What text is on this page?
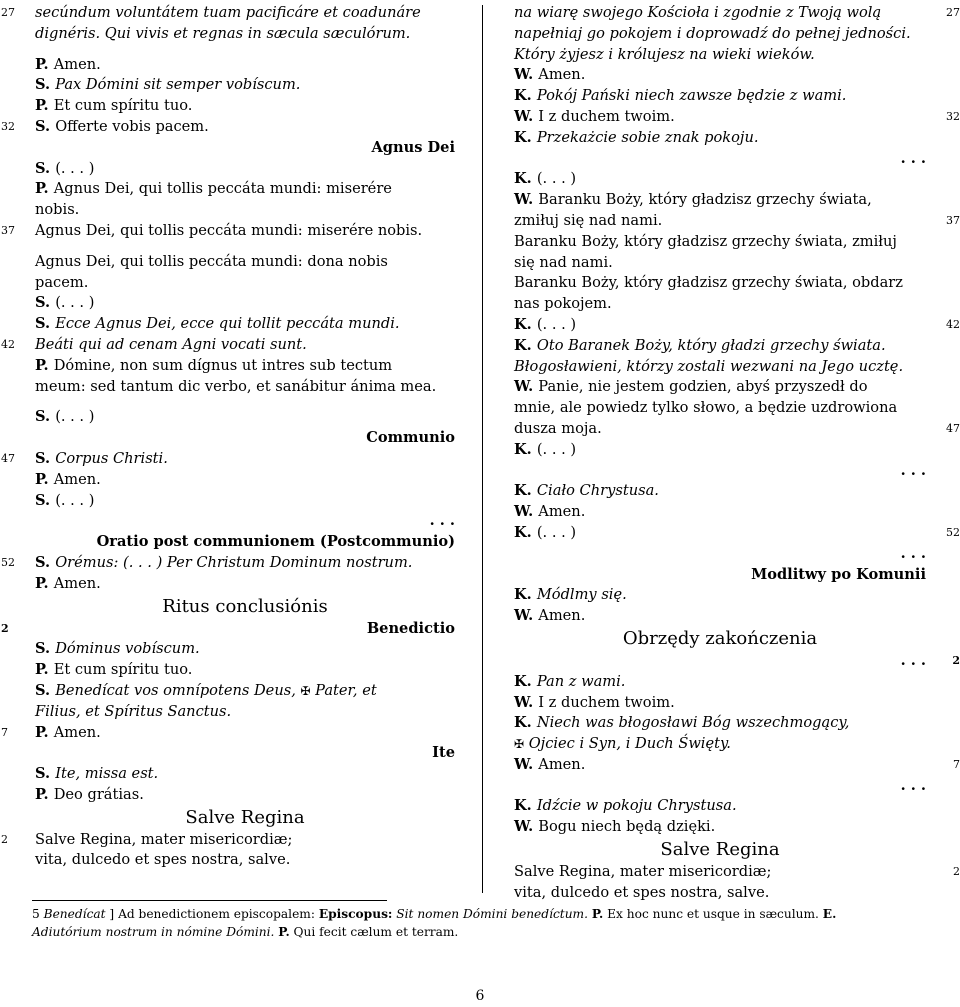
27	secúndum voluntátem tuam pacificáre et coadunáre
dignéris. Qui vivis et regnas in sæcula sæculórum.
P. Amen.
S. Pax Dómini sit semper vobíscum.
P. Et cum spíritu tuo.
32	S. Offerte vobis pacem.
Agnus Dei
S. (. . . )
P. Agnus Dei, qui tollis peccáta mundi: miserére
nobis.
37	Agnus Dei, qui tollis peccáta mundi: miserére nobis.
Agnus Dei, qui tollis peccáta mundi: dona nobis
pacem.
S. (. . . )
S. Ecce Agnus Dei, ecce qui tollit peccáta mundi.
42	Beáti qui ad cenam Agni vocati sunt.
P. Dómine, non sum dígnus ut intres sub tectum
meum: sed tantum dic verbo, et sanábitur ánima mea.
S. (. . . )
Communio
47	S. Corpus Christi.
P. Amen.
S. (. . . )
. . .
Oratio post communionem (Postcommunio)
52	S. Orémus: (. . . ) Per Christum Dominum nostrum.
P. Amen.
Ritus conclusiónis
2	Benedictio
S. Dóminus vobíscum.
P. Et cum spíritu tuo.
S. Benedícat vos omnípotens Deus, ✠ Pater, et
Filius, et Spíritus Sanctus.
7	P. Amen.
Ite
S. Ite, missa est.
P. Deo grátias.
Salve Regina
2	Salve Regina, mater misericordiæ;
vita, dulcedo et spes nostra, salve.
27
na wiarę swojego Kościoła i zgodnie z Twoją wolą
napełniaj go pokojem i doprowadź do pełnej jedności.
Który żyjesz i królujesz na wieki wieków.
W. Amen.
K. Pokój Pański niech zawsze będzie z wami.
32
W. I z duchem twoim.
K. Przekażcie sobie znak pokoju.
. . .
K. (. . . )
W. Baranku Boży, który gładzisz grzechy świata,
37
zmiłuj się nad nami.
Baranku Boży, który gładzisz grzechy świata, zmiłuj
się nad nami.
Baranku Boży, który gładzisz grzechy świata, obdarz
nas pokojem.
42
K. (. . . )
K. Oto Baranek Boży, który gładzi grzechy świata.
Błogosławieni, którzy zostali wezwani na Jego ucztę.
W. Panie, nie jestem godzien, abyś przyszedł do
mnie, ale powiedz tylko słowo, a będzie uzdrowiona
47
dusza moja.
K. (. . . )
. . .
K. Ciało Chrystusa.
W. Amen.
52
K. (. . . )
. . .
Modlitwy po Komunii
K. Módlmy się.
W. Amen.
Obrzędy zakończenia
2
. . .
K. Pan z wami.
W. I z duchem twoim.
K. Niech was błogosławi Bóg wszechmogący,
✠ Ojciec i Syn, i Duch Święty.
7
W. Amen.
. . .
K. Idźcie w pokoju Chrystusa.
W. Bogu niech będą dzięki.
Salve Regina
2
Salve Regina, mater misericordiæ;
vita, dulcedo et spes nostra, salve.
5 Benedícat ] Ad benedictionem episcopalem: Episcopus: Sit nomen Dómini benedíctum. P. Ex hoc nunc et usque in sæculum. E.
Adiutórium nostrum in nómine Dómini. P. Qui fecit cælum et terram.
6
